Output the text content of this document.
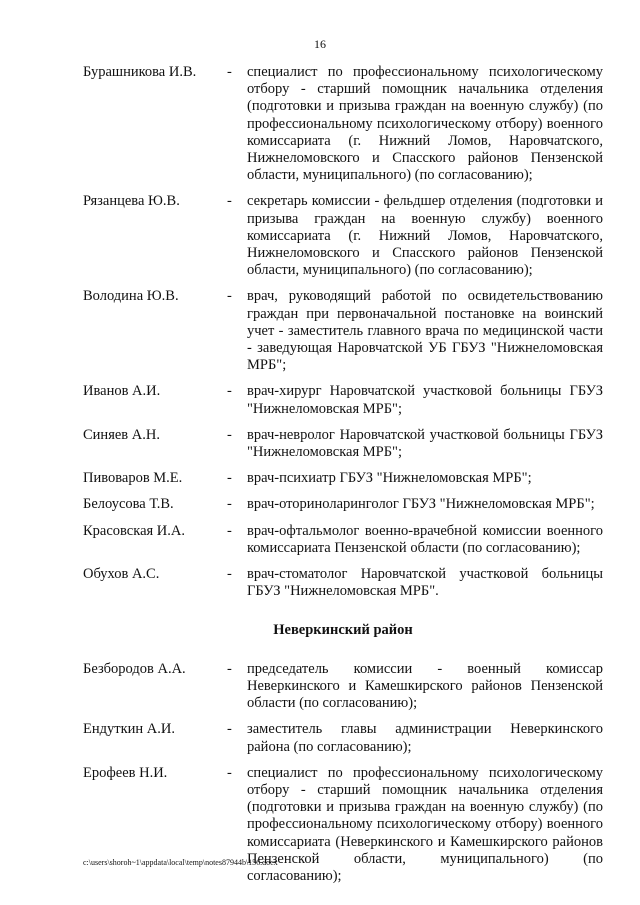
16
Бурашникова И.В.	-	специалист по профессиональному психологическому отбору - старший помощник начальника отделения (подготовки и призыва граждан на военную службу) (по профессиональному психологическому отбору) военного комиссариата (г. Нижний Ломов, Наровчатского, Нижнеломовского и Спасского районов Пензенской области, муниципального) (по согласованию);
Рязанцева Ю.В.	-	секретарь комиссии - фельдшер отделения (подготовки и призыва граждан на военную службу) военного комиссариата (г. Нижний Ломов, Наровчатского, Нижнеломовского и Спасского районов Пензенской области, муниципального) (по согласованию);
Володина Ю.В.	-	врач, руководящий работой по освидетельствованию граждан при первоначальной постановке на воинский учет - заместитель главного врача по медицинской части - заведующая Наровчатской УБ ГБУЗ "Нижнеломовская МРБ";
Иванов А.И.	-	врач-хирург Наровчатской участковой больницы ГБУЗ "Нижнеломовская МРБ";
Синяев А.Н.	-	врач-невролог Наровчатской участковой больницы ГБУЗ "Нижнеломовская МРБ";
Пивоваров М.Е.	-	врач-психиатр ГБУЗ "Нижнеломовская МРБ";
Белоусова Т.В.	-	врач-оториноларинголог ГБУЗ "Нижнеломовская МРБ";
Красовская И.А.	-	врач-офтальмолог военно-врачебной комиссии военного комиссариата Пензенской области (по согласованию);
Обухов А.С.	-	врач-стоматолог Наровчатской участковой больницы ГБУЗ "Нижнеломовская МРБ".
Неверкинский район
Безбородов А.А.	-	председатель комиссии - военный комиссар Неверкинского и Камешкирского районов Пензенской области (по согласованию);
Ендуткин А.И.	-	заместитель главы администрации Неверкинского района (по согласованию);
Ерофеев Н.И.	-	специалист по профессиональному психологическому отбору - старший помощник начальника отделения (подготовки и призыва граждан на военную службу) (по профессиональному психологическому отбору) военного комиссариата (Неверкинского и Камешкирского районов Пензенской области, муниципального) (по согласованию);
c:\users\shoroh~1\appdata\local\temp\notes87944b\156.docx
